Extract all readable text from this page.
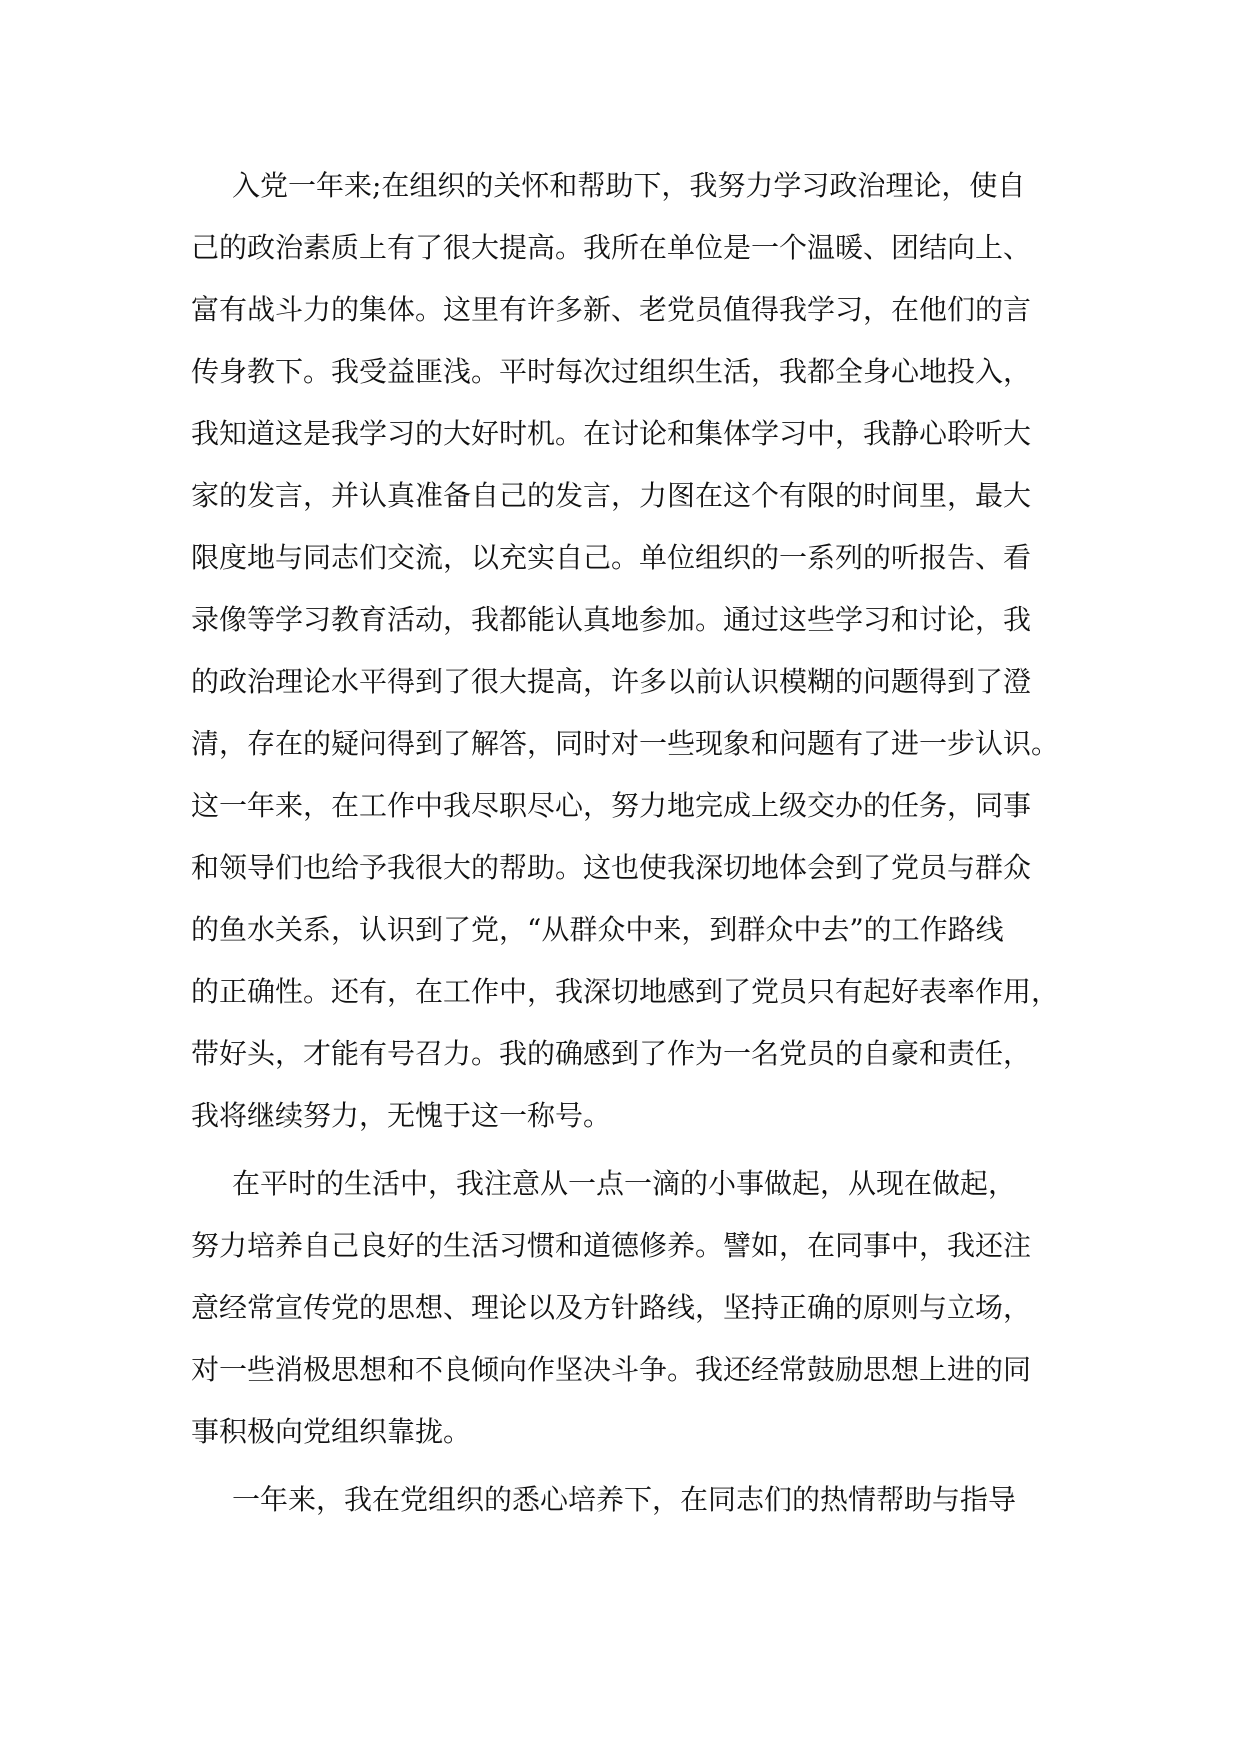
入党一年来;在组织的关怀和帮助下，我努力学习政治理论，使自
己的政治素质上有了很大提高。我所在单位是一个温暖、团结向上、
富有战斗力的集体。这里有许多新、老党员值得我学习，在他们的言
传身教下。我受益匪浅。平时每次过组织生活，我都全身心地投入，
我知道这是我学习的大好时机。在讨论和集体学习中，我静心聆听大
家的发言，并认真准备自己的发言，力图在这个有限的时间里，最大
限度地与同志们交流，以充实自己。单位组织的一系列的听报告、看
录像等学习教育活动，我都能认真地参加。通过这些学习和讨论，我
的政治理论水平得到了很大提高，许多以前认识模糊的问题得到了澄
清，存在的疑问得到了解答，同时对一些现象和问题有了进一步认识。
这一年来，在工作中我尽职尽心，努力地完成上级交办的任务，同事
和领导们也给予我很大的帮助。这也使我深切地体会到了党员与群众
的鱼水关系，认识到了党，“从群众中来，到群众中去”的工作路线
的正确性。还有，在工作中，我深切地感到了党员只有起好表率作用，
带好头，才能有号召力。我的确感到了作为一名党员的自豪和责任，
我将继续努力，无愧于这一称号。
在平时的生活中，我注意从一点一滴的小事做起，从现在做起，
努力培养自己良好的生活习惯和道德修养。譬如，在同事中，我还注
意经常宣传党的思想、理论以及方针路线，坚持正确的原则与立场，
对一些消极思想和不良倾向作坚决斗争。我还经常鼓励思想上进的同
事积极向党组织靠拢。
一年来，我在党组织的悉心培养下，在同志们的热情帮助与指导
